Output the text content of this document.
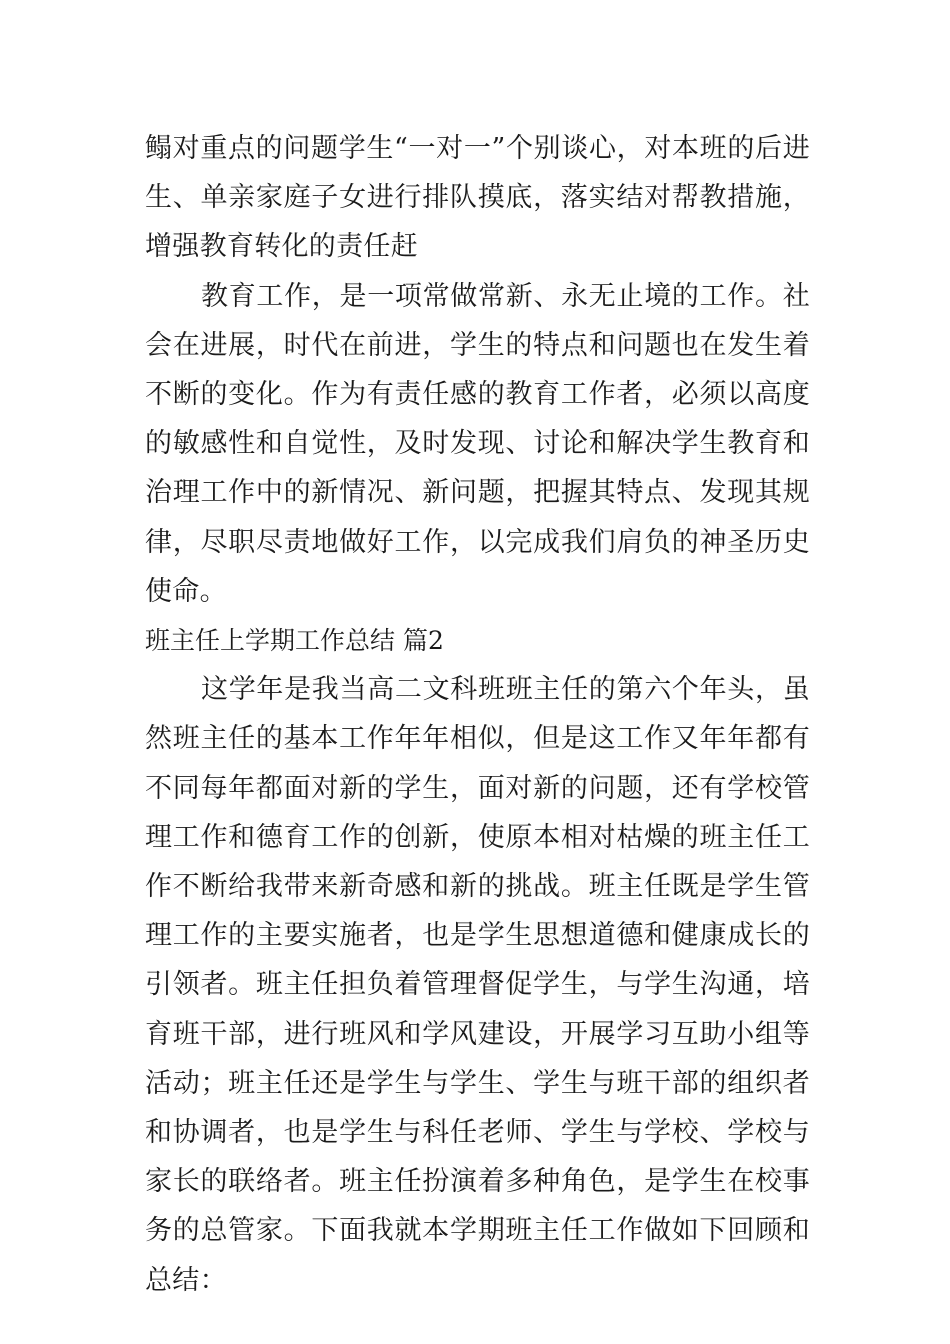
鳎对重点的问题学生“一对一”个别谈心，对本班的后进生、单亲家庭子女进行排队摸底，落实结对帮教措施，增强教育转化的责任赶

教育工作，是一项常做常新、永无止境的工作。社会在进展，时代在前进，学生的特点和问题也在发生着不断的变化。作为有责任感的教育工作者，必须以高度的敏感性和自觉性，及时发现、讨论和解决学生教育和治理工作中的新情况、新问题，把握其特点、发现其规律，尽职尽责地做好工作，以完成我们肩负的神圣历史使命。

班主任上学期工作总结 篇2

这学年是我当高二文科班班主任的第六个年头，虽然班主任的基本工作年年相似，但是这工作又年年都有不同每年都面对新的学生，面对新的问题，还有学校管理工作和德育工作的创新，使原本相对枯燥的班主任工作不断给我带来新奇感和新的挑战。班主任既是学生管理工作的主要实施者，也是学生思想道德和健康成长的引领者。班主任担负着管理督促学生，与学生沟通，培育班干部，进行班风和学风建设，开展学习互助小组等活动；班主任还是学生与学生、学生与班干部的组织者和协调者，也是学生与科任老师、学生与学校、学校与家长的联络者。班主任扮演着多种角色，是学生在校事务的总管家。下面我就本学期班主任工作做如下回顾和总结：
